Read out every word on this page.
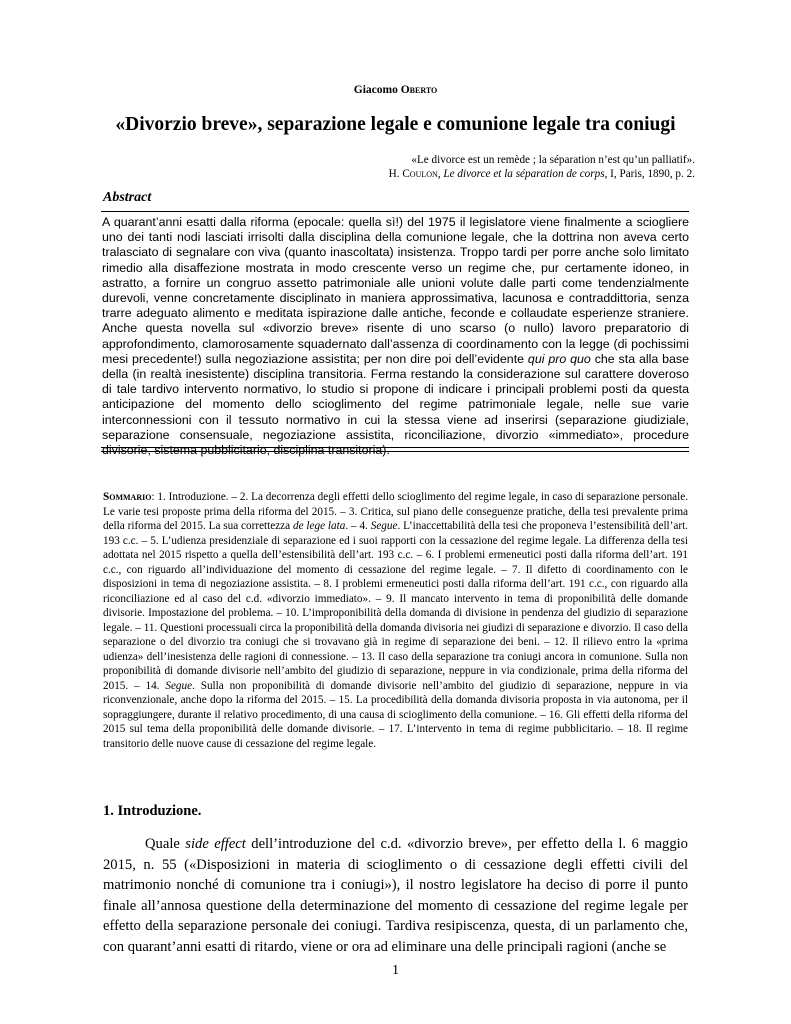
Giacomo Oberto
«Divorzio breve», separazione legale e comunione legale tra coniugi
«Le divorce est un remède ; la séparation n’est qu’un palliatif».
H. Coulon, Le divorce et la séparation de corps, I, Paris, 1890, p. 2.
Abstract

A quarant’anni esatti dalla riforma (epocale: quella sì!) del 1975 il legislatore viene finalmente a sciogliere uno dei tanti nodi lasciati irrisolti dalla disciplina della comunione legale, che la dottrina non aveva certo tralasciato di segnalare con viva (quanto inascoltata) insistenza. Troppo tardi per porre anche solo limitato rimedio alla disaffezione mostrata in modo crescente verso un regime che, pur certamente idoneo, in astratto, a fornire un congruo assetto patrimoniale alle unioni volute dalle parti come tendenzialmente durevoli, venne concretamente disciplinato in maniera approssimativa, lacunosa e contraddittoria, senza trarre adeguato alimento e meditata ispirazione dalle antiche, feconde e collaudate esperienze straniere. Anche questa novella sul «divorzio breve» risente di uno scarso (o nullo) lavoro preparatorio di approfondimento, clamorosamente squadernato dall’assenza di coordinamento con la legge (di pochissimi mesi precedente!) sulla negoziazione assistita; per non dire poi dell’evidente qui pro quo che sta alla base della (in realtà inesistente) disciplina transitoria. Ferma restando la considerazione sul carattere doveroso di tale tardivo intervento normativo, lo studio si propone di indicare i principali problemi posti da questa anticipazione del momento dello scioglimento del regime patrimoniale legale, nelle sue varie interconnessioni con il tessuto normativo in cui la stessa viene ad inserirsi (separazione giudiziale, separazione consensuale, negoziazione assistita, riconciliazione, divorzio «immediato», procedure divisorie, sistema pubblicitario, disciplina transitoria).

Sommario: 1. Introduzione. – 2. La decorrenza degli effetti dello scioglimento del regime legale, in caso di separazione personale. Le varie tesi proposte prima della riforma del 2015. – 3. Critica, sul piano delle conseguenze pratiche, della tesi prevalente prima della riforma del 2015. La sua correttezza de lege lata. – 4. Segue. L’inaccettabilità della tesi che proponeva l’estensibilità dell’art. 193 c.c. – 5. L’udienza presidenziale di separazione ed i suoi rapporti con la cessazione del regime legale. La differenza della tesi adottata nel 2015 rispetto a quella dell’estensibilità dell’art. 193 c.c. – 6. I problemi ermeneutici posti dalla riforma dell’art. 191 c.c., con riguardo all’individuazione del momento di cessazione del regime legale. – 7. Il difetto di coordinamento con le disposizioni in tema di negoziazione assistita. – 8. I problemi ermeneutici posti dalla riforma dell’art. 191 c.c., con riguardo alla riconciliazione ed al caso del c.d. «divorzio immediato». – 9. Il mancato intervento in tema di proponibilità delle domande divisorie. Impostazione del problema. – 10. L’improponibilità della domanda di divisione in pendenza del giudizio di separazione legale. – 11. Questioni processuali circa la proponibilità della domanda divisoria nei giudizi di separazione e divorzio. Il caso della separazione o del divorzio tra coniugi che si trovavano già in regime di separazione dei beni. – 12. Il rilievo entro la «prima udienza» dell’inesistenza delle ragioni di connessione. – 13. Il caso della separazione tra coniugi ancora in comunione. Sulla non proponibilità di domande divisorie nell’ambito del giudizio di separazione, neppure in via condizionale, prima della riforma del 2015. – 14. Segue. Sulla non proponibilità di domande divisorie nell’ambito del giudizio di separazione, neppure in via riconvenzionale, anche dopo la riforma del 2015. – 15. La procedibilità della domanda divisoria proposta in via autonoma, per il sopraggiungere, durante il relativo procedimento, di una causa di scioglimento della comunione. – 16. Gli effetti della riforma del 2015 sul tema della proponibilità delle domande divisorie. – 17. L’intervento in tema di regime pubblicitario. – 18. Il regime transitorio delle nuove cause di cessazione del regime legale.

1. Introduzione.

Quale side effect dell’introduzione del c.d. «divorzio breve», per effetto della l. 6 maggio 2015, n. 55 («Disposizioni in materia di scioglimento o di cessazione degli effetti civili del matrimonio nonché di comunione tra i coniugi»), il nostro legislatore ha deciso di porre il punto finale all’annosa questione della determinazione del momento di cessazione del regime legale per effetto della separazione personale dei coniugi. Tardiva resipiscenza, questa, di un parlamento che, con quarant’anni esatti di ritardo, viene or ora ad eliminare una delle principali ragioni (anche se

1
